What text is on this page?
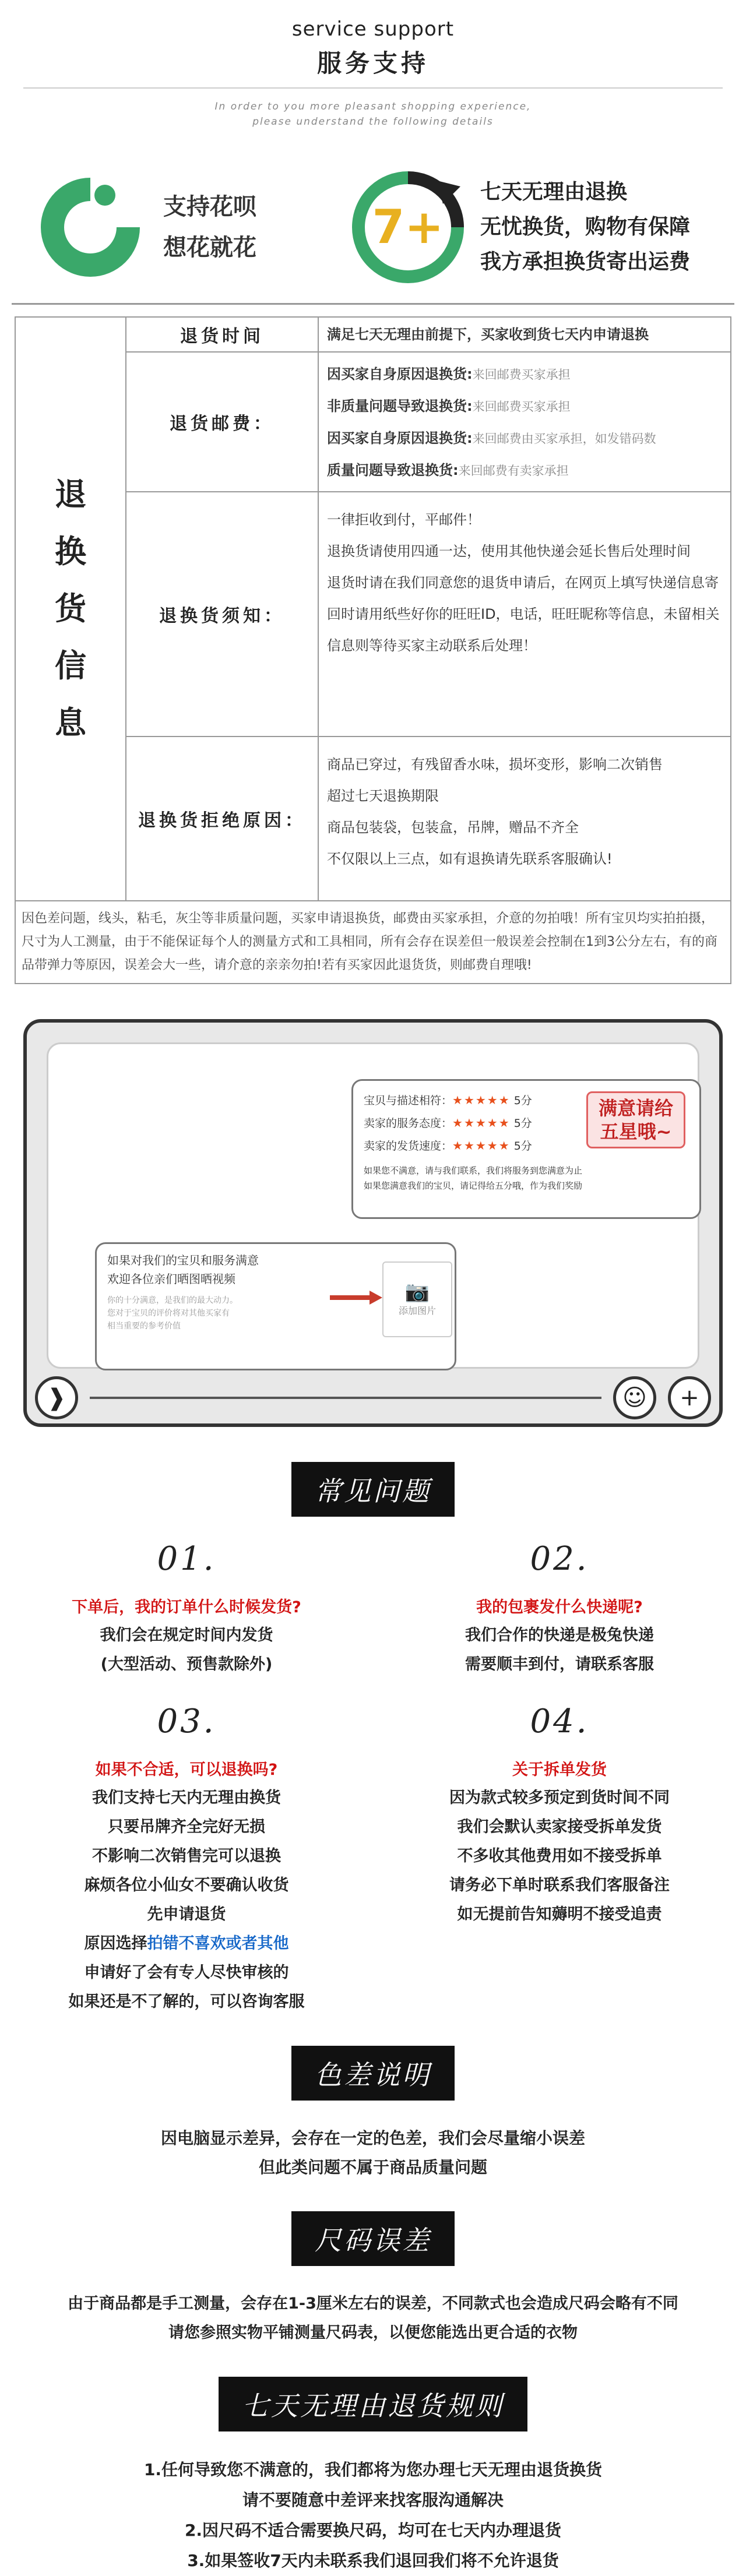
service support
服务支持
In order to you more pleasant shopping experience,
please understand the following details
支持花呗
想花就花	7+
七天无理由退换
无忧换货，购物有保障
我方承担换货寄出运费
退
换
货
信
息
退货时间	满足七天无理由前提下，买家收到货七天内申请退换
退货邮费：
因买家自身原因退换货:来回邮费买家承担
非质量问题导致退换货:来回邮费买家承担
因买家自身原因退换货:来回邮费由买家承担，如发错码数
质量问题导致退换货:来回邮费有卖家承担
退换货须知：
一律拒收到付，平邮件！
退换货请使用四通一达，使用其他快递会延长售后处理时间
退货时请在我们同意您的退货申请后，在网页上填写快递信息寄回时请用纸些好你的旺旺ID，电话，旺旺昵称等信息，未留相关信息则等待买家主动联系后处理！
退换货拒绝原因：
商品已穿过，有残留香水味，损坏变形，影响二次销售
超过七天退换期限
商品包装袋，包装盒，吊牌，赠品不齐全
不仅限以上三点，如有退换请先联系客服确认!
因色差问题，线头，粘毛，灰尘等非质量问题，买家申请退换货，邮费由买家承担，介意的勿拍哦！所有宝贝均实拍拍摄，尺寸为人工测量，由于不能保证每个人的测量方式和工具相同，所有会存在误差但一般误差会控制在1到3公分左右，有的商品带弹力等原因，误差会大一些，请介意的亲亲勿拍!若有买家因此退货货，则邮费自理哦!
宝贝与描述相符：★★★★★ 5分
卖家的服务态度：★★★★★ 5分
卖家的发货速度：★★★★★ 5分
如果您不满意，请与我们联系，我们将服务到您满意为止
如果您满意我们的宝贝，请记得给五分哦，作为我们奖励
满意请给
五星哦~
如果对我们的宝贝和服务满意
欢迎各位亲们晒图晒视频
你的十分满意，是我们的最大动力。
您对于宝贝的评价将对其他买家有
相当重要的参考价值
📷
添加图片
❱	☺	+
常见问题
01.
下单后，我的订单什么时候发货?
我们会在规定时间内发货
(大型活动、预售款除外)
02.
我的包裹发什么快递呢?
我们合作的快递是极兔快递
需要顺丰到付，请联系客服
03.
如果不合适，可以退换吗?
我们支持七天内无理由换货
只要吊牌齐全完好无损
不影响二次销售完可以退换
麻烦各位小仙女不要确认收货
先申请退货
原因选择拍错不喜欢或者其他
申请好了会有专人尽快审核的
如果还是不了解的，可以咨询客服
04.
关于拆单发货
因为款式较多预定到货时间不同
我们会默认卖家接受拆单发货
不多收其他费用如不接受拆单
请务必下单时联系我们客服备注
如无提前告知薅明不接受追责
色差说明
因电脑显示差异，会存在一定的色差，我们会尽量缩小误差
但此类问题不属于商品质量问题
尺码误差
由于商品都是手工测量，会存在1-3厘米左右的误差，不同款式也会造成尺码会略有不同
请您参照实物平铺测量尺码表，以便您能选出更合适的衣物
七天无理由退货规则
1.任何导致您不满意的，我们都将为您办理七天无理由退货换货
请不要随意中差评来找客服沟通解决
2.因尺码不适合需要换尺码，均可在七天内办理退货
3.如果签收7天内未联系我们退回我们将不允许退货
